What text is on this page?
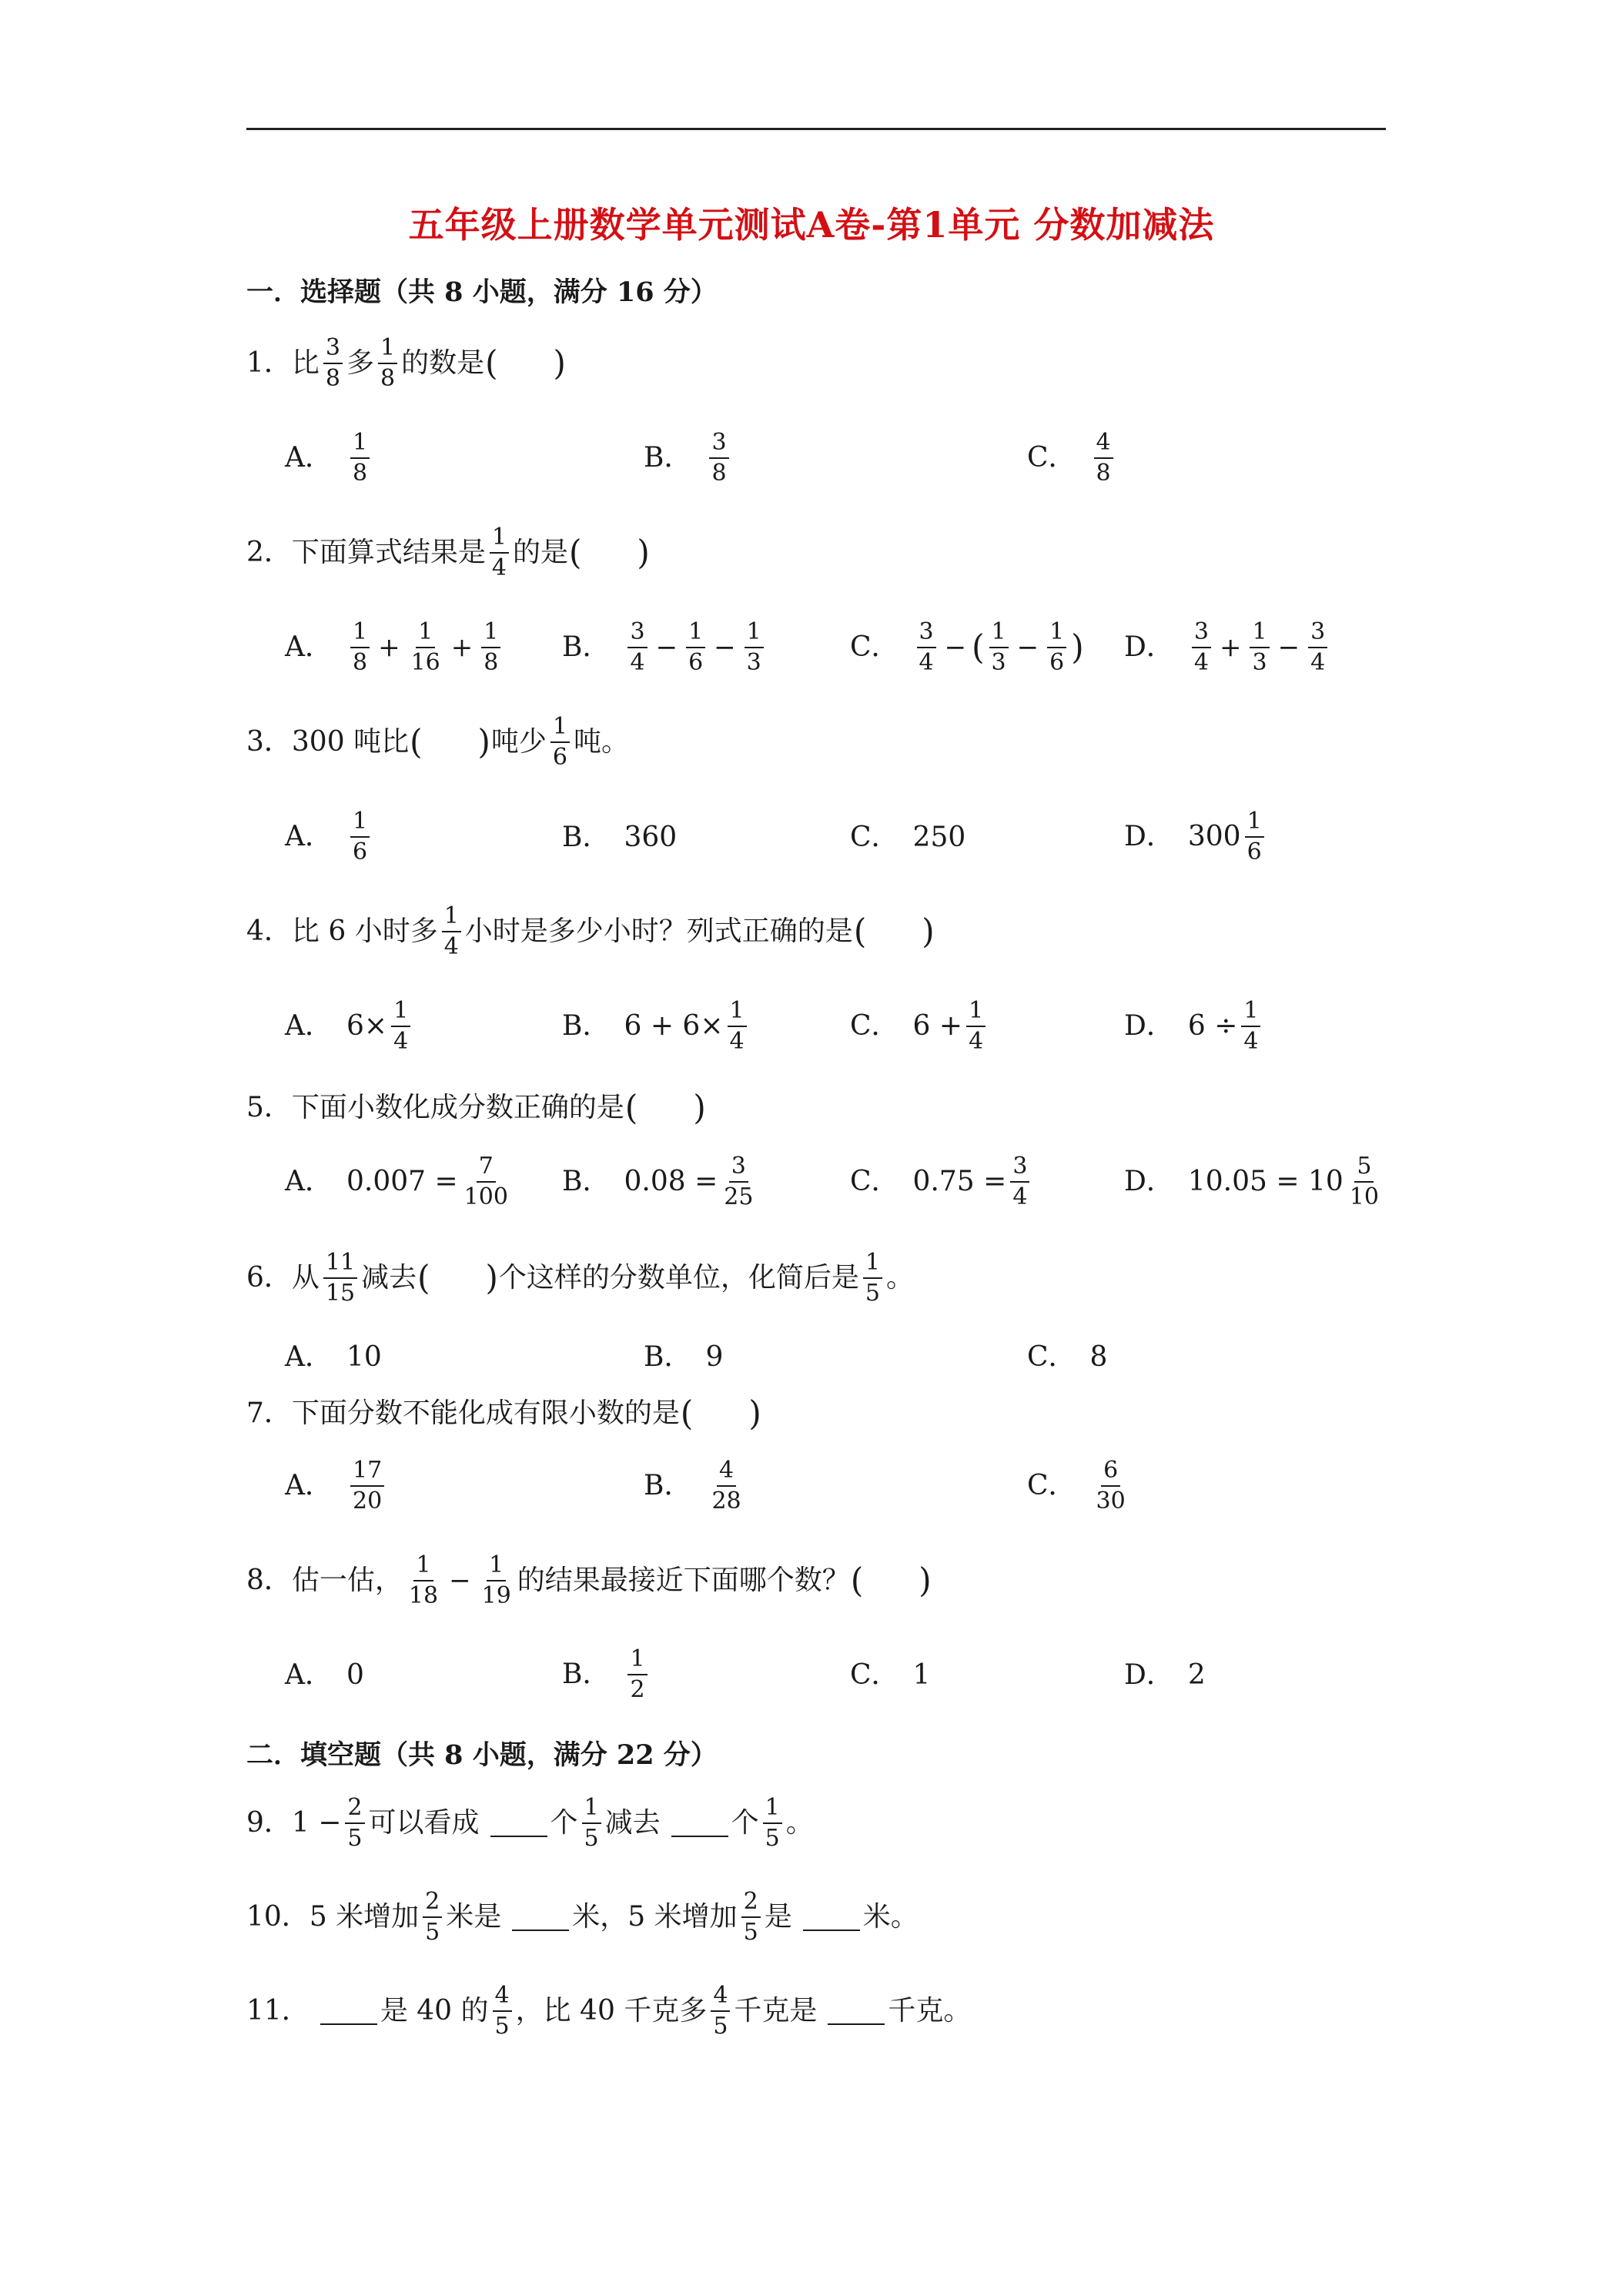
五年级上册数学单元测试A卷-第1单元 分数加减法
一．选择题（共 8 小题，满分 16 分）
1． 比 $\frac{3}{8}$ 多 $\frac{1}{8}$ 的数是 ( )
A． $\frac{1}{8}$	B． $\frac{3}{8}$	C． $\frac{4}{8}$
2． 下面算式结果是 $\frac{1}{4}$ 的是 ( )
A． $\frac{1}{8} + \frac{1}{16} + \frac{1}{8}$ B． $\frac{3}{4} - \frac{1}{6} - \frac{1}{3}$	C． $\frac{3}{4}$ − ( $\frac{1}{3} - \frac{1}{6}$ ) D． $\frac{3}{4} + \frac{1}{3} - \frac{3}{4}$
3． 300 吨比 ( ) 吨少 $\frac{1}{6}$ 吨。
A． $\frac{1}{6}$	B． 360	C． 250	D． $300 \frac{1}{6}$
4． 比 6 小时多 $\frac{1}{4}$ 小时是多少小时？列式正确的是 ( )
A． $6\times \frac{1}{4}$	B． $6 + 6\times \frac{1}{4}$	C． $6 + \frac{1}{4}$	D． $6 \div \frac{1}{4}$
5． 下面小数化成分数正确的是 ( )
A． $0.007 = \frac{7}{100}$ B． $0.08 = \frac{3}{25}$	C． $0.75 = \frac{3}{4}$	D． $10.05 = 10 \frac{5}{10}$
6． 从 $\frac{11}{15}$ 减去 ( ) 个这样的分数单位，化简后是 $\frac{1}{5}$ 。
A． 10	B． 9	C． 8
7． 下面分数不能化成有限小数的是 ( )
A． $\frac{17}{20}$	B． $\frac{4}{28}$	C． $\frac{6}{30}$
8． 估一估， $\frac{1}{18} - \frac{1}{19}$ 的结果最接近下面哪个数？ ( )
A． 0	B． $\frac{1}{2}$	C． 1	D． 2
二．填空题（共 8 小题，满分 22 分）
9． $1 - \frac{2}{5}$ 可以看成	个 $\frac{1}{5}$ 减去	个 $\frac{1}{5}$ 。
10． 5 米增加 $\frac{2}{5}$ 米是	米，5 米增加 $\frac{2}{5}$ 是	米。
11．	是 40 的 $\frac{4}{5}$ ，比 40 千克多 $\frac{4}{5}$ 千克是	千克。
